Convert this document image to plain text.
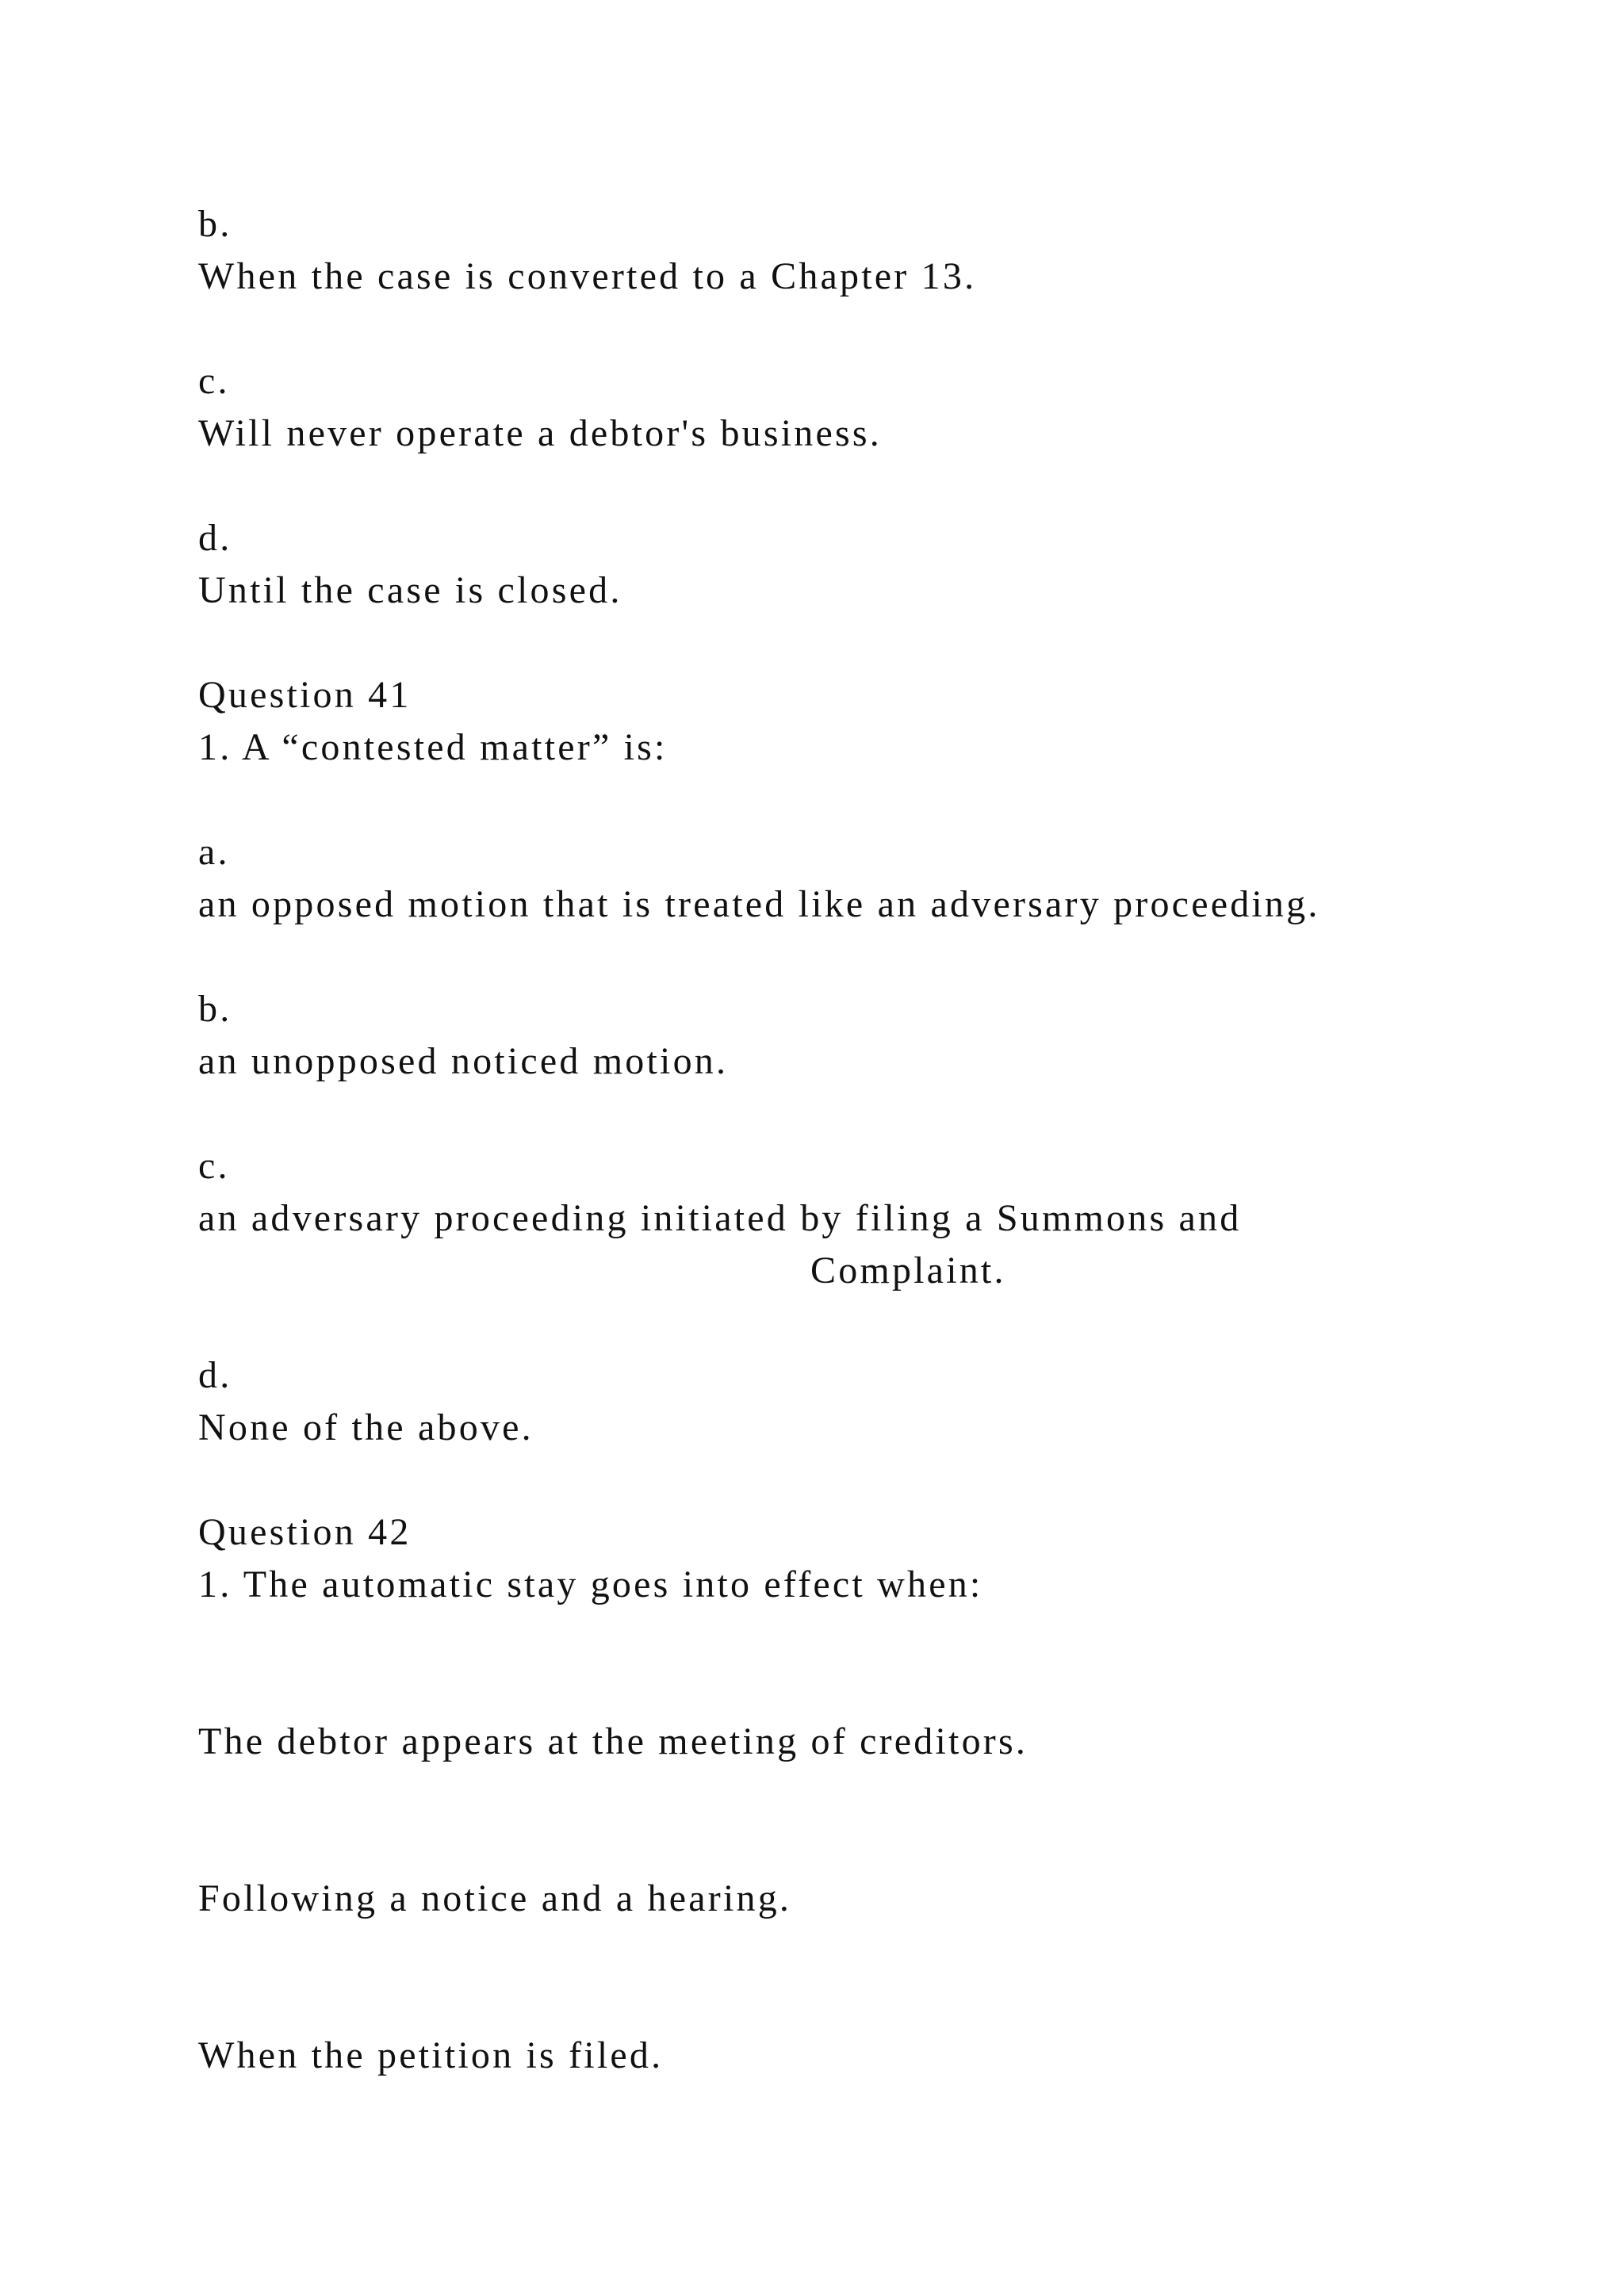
b.

When the case is converted to a Chapter 13.

c.

Will never operate a debtor's business.

d.

Until the case is closed.

Question 41

1. A “contested matter” is:

a.

an opposed motion that is treated like an adversary proceeding.

b.

an unopposed noticed motion.

c.

an adversary proceeding initiated by filing a Summons and

Complaint.

d.

None of the above.

Question 42

1. The automatic stay goes into effect when:

The debtor appears at the meeting of creditors.

Following a notice and a hearing.

When the petition is filed.
